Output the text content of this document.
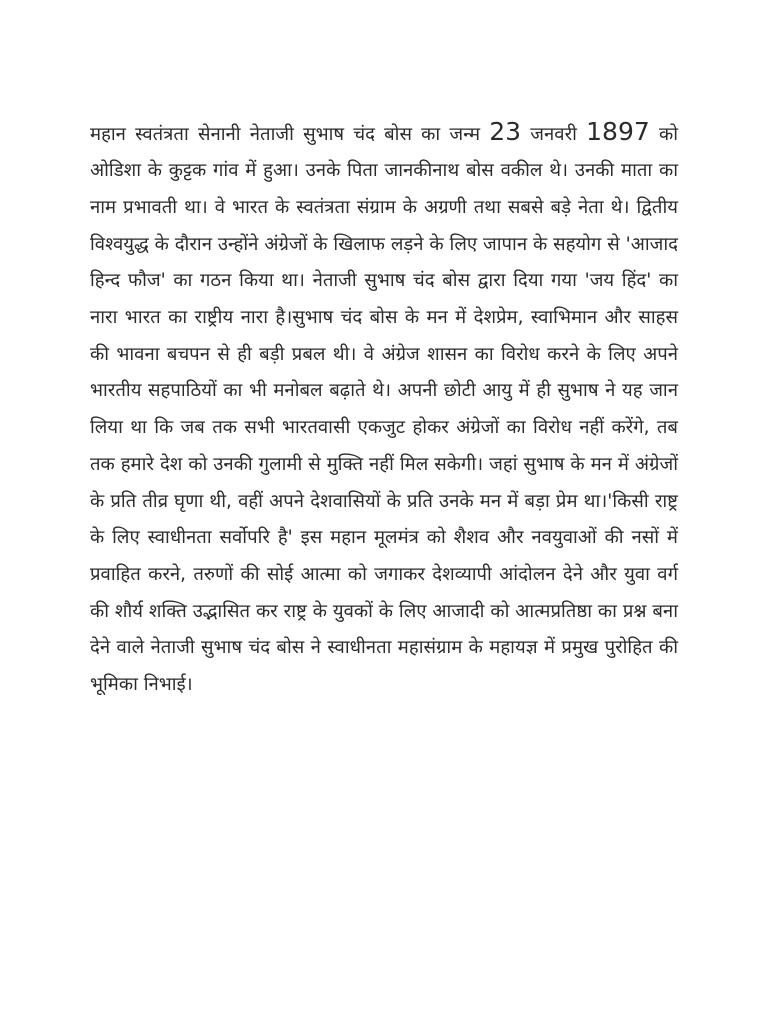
महान स्वतंत्रता सेनानी नेताजी सुभाष चंद बोस का जन्म 23 जनवरी 1897 को ओडिशा के कुट्टक गांव में हुआ। उनके पिता जानकीनाथ बोस वकील थे। उनकी माता का नाम प्रभावती था। वे भारत के स्वतंत्रता संग्राम के अग्रणी तथा सबसे बड़े नेता थे। द्वितीय विश्वयुद्ध के दौरान उन्होंने अंग्रेजों के खिलाफ लड़ने के लिए जापान के सहयोग से 'आजाद हिन्द फौज' का गठन किया था। नेताजी सुभाष चंद बोस द्वारा दिया गया 'जय हिंद' का नारा भारत का राष्ट्रीय नारा है।सुभाष चंद बोस के मन में देशप्रेम, स्वाभिमान और साहस की भावना बचपन से ही बड़ी प्रबल थी। वे अंग्रेज शासन का विरोध करने के लिए अपने भारतीय सहपाठियों का भी मनोबल बढ़ाते थे। अपनी छोटी आयु में ही सुभाष ने यह जान लिया था कि जब तक सभी भारतवासी एकजुट होकर अंग्रेजों का विरोध नहीं करेंगे, तब तक हमारे देश को उनकी गुलामी से मुक्ति नहीं मिल सकेगी। जहां सुभाष के मन में अंग्रेजों के प्रति तीव्र घृणा थी, वहीं अपने देशवासियों के प्रति उनके मन में बड़ा प्रेम था।'किसी राष्ट्र के लिए स्वाधीनता सर्वोपरि है' इस महान मूलमंत्र को शैशव और नवयुवाओं की नसों में प्रवाहित करने, तरुणों की सोई आत्मा को जगाकर देशव्यापी आंदोलन देने और युवा वर्ग की शौर्य शक्ति उद्भासित कर राष्ट्र के युवकों के लिए आजादी को आत्मप्रतिष्ठा का प्रश्न बना देने वाले नेताजी सुभाष चंद बोस ने स्वाधीनता महासंग्राम के महायज्ञ में प्रमुख पुरोहित की भूमिका निभाई।
